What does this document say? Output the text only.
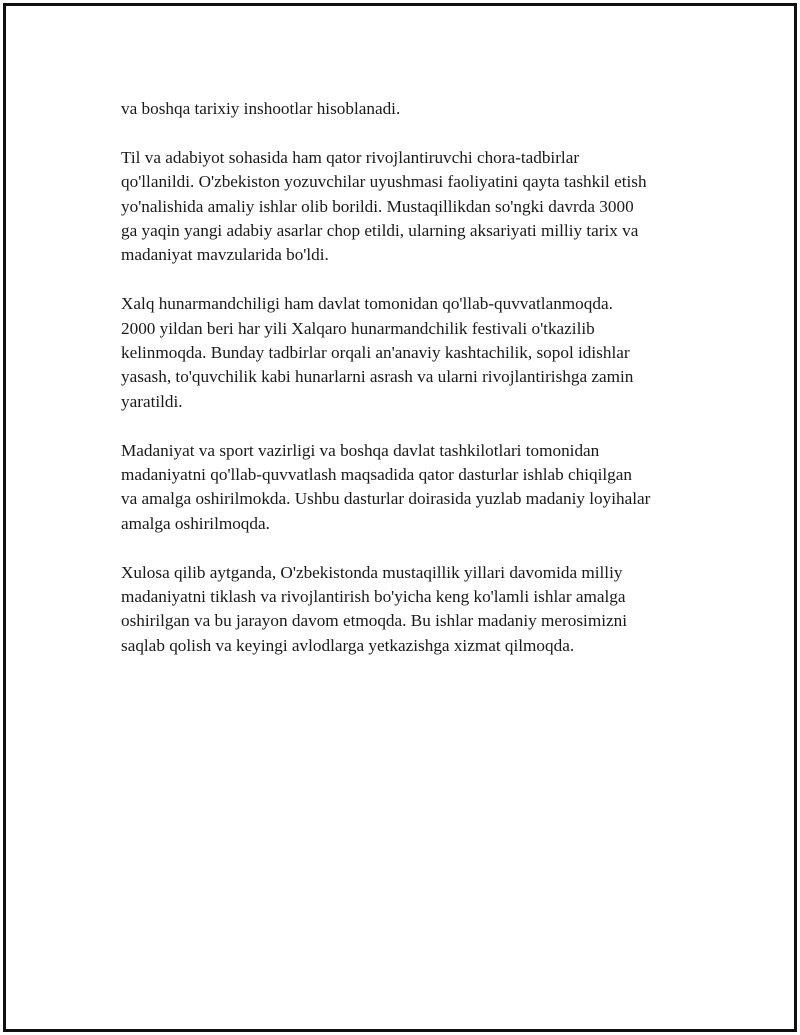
va boshqa tarixiy inshootlar hisoblanadi.

Til va adabiyot sohasida ham qator rivojlantiruvchi chora-tadbirlar
qo'llanildi. O'zbekiston yozuvchilar uyushmasi faoliyatini qayta tashkil etish
yo'nalishida amaliy ishlar olib borildi. Mustaqillikdan so'ngki davrda 3000
ga yaqin yangi adabiy asarlar chop etildi, ularning aksariyati milliy tarix va
madaniyat mavzularida bo'ldi.

Xalq hunarmandchiligi ham davlat tomonidan qo'llab-quvvatlanmoqda.
2000 yildan beri har yili Xalqaro hunarmandchilik festivali o'tkazilib
kelinmoqda. Bunday tadbirlar orqali an'anaviy kashtachilik, sopol idishlar
yasash, to'quvchilik kabi hunarlarni asrash va ularni rivojlantirishga zamin
yaratildi.

Madaniyat va sport vazirligi va boshqa davlat tashkilotlari tomonidan
madaniyatni qo'llab-quvvatlash maqsadida qator dasturlar ishlab chiqilgan
va amalga oshirilmokda. Ushbu dasturlar doirasida yuzlab madaniy loyihalar
amalga oshirilmoqda.

Xulosa qilib aytganda, O'zbekistonda mustaqillik yillari davomida milliy
madaniyatni tiklash va rivojlantirish bo'yicha keng ko'lamli ishlar amalga
oshirilgan va bu jarayon davom etmoqda. Bu ishlar madaniy merosimizni
saqlab qolish va keyingi avlodlarga yetkazishga xizmat qilmoqda.
